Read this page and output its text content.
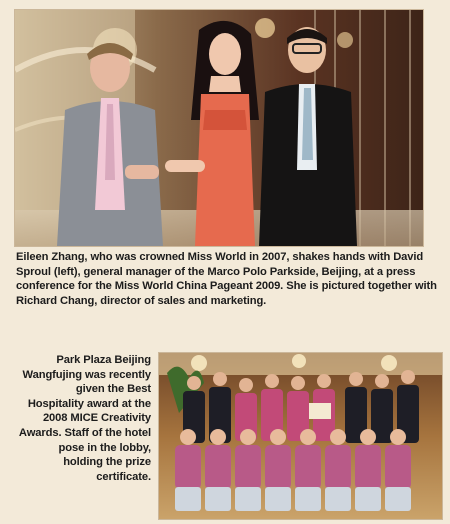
Eileen Zhang, who was crowned Miss World in 2007, shakes hands with David Sproul (left), general manager of the Marco Polo Parkside, Beijing, at a press conference for the Miss World China Pageant 2009. She is pictured together with Richard Chang, director of sales and marketing.

Park Plaza Beijing Wangfujing was recently given the Best Hospitality award at the 2008 MICE Creativity Awards. Staff of the hotel pose in the lobby, holding the prize certificate.
